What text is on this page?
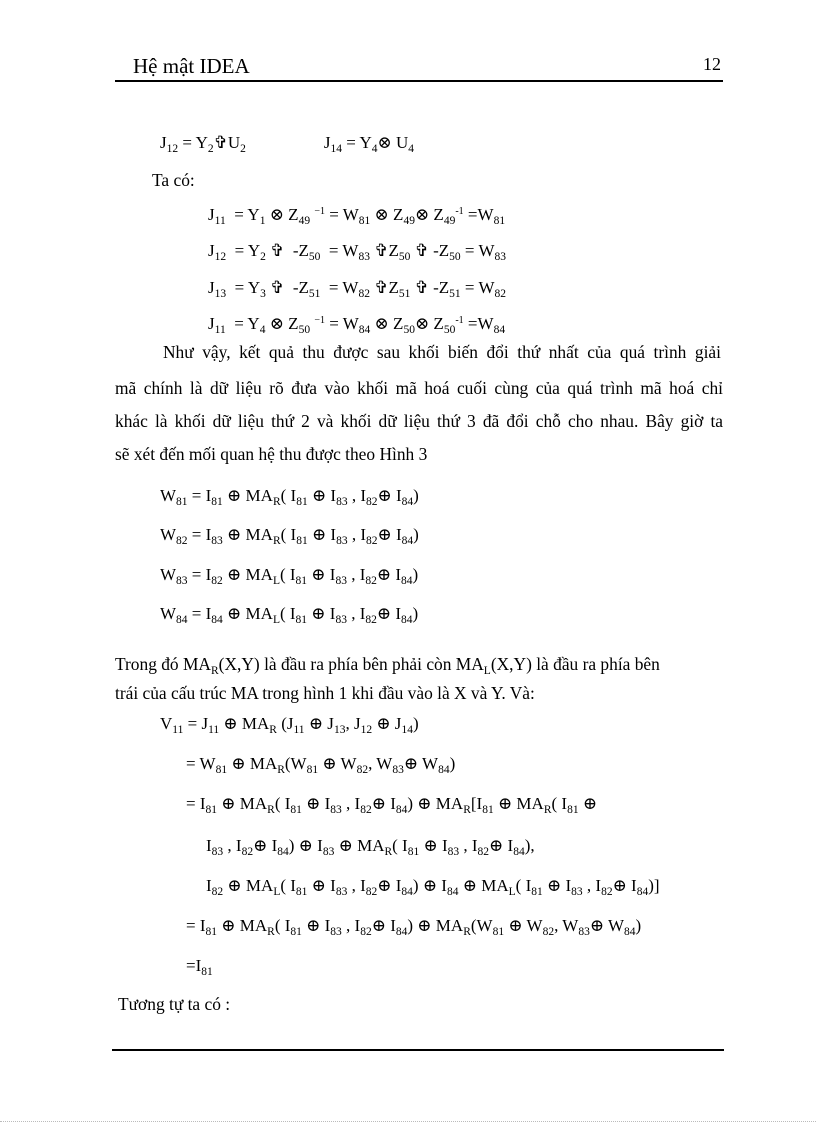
Hệ mật IDEA	12
$J_{12}$ = $Y_2✞U_2$	$J_{14}$ = $Y_4\otimes$ $U_4$
Ta có:
$J_{11} = Y_1$ ⊗ $Z_{49}$ $^{-1} = W_{81}$ ⊗ $Z_{49}\otimes$ $Z_{49}^{-1} =W_{81}$
$J_{12} = Y_2$ ✞  $-Z_{50} = W_{83}$ $✞Z_{50}$ ✞ $-Z_{50} = W_{83}$
$J_{13} = Y_3$ ✞  $-Z_{51} = W_{82}$ $✞Z_{51}$ ✞ $-Z_{51} = W_{82}$
$J_{11} = Y_4$ ⊗ $Z_{50}$ $^{-1} = W_{84}$ ⊗ $Z_{50}\otimes$ $Z_{50}^{-1} =W_{84}$
Như vậy, kết quả thu được sau khối biến đổi thứ nhất của quá trình giải
mã chính là dữ liệu rõ đưa vào khối mã hoá cuối cùng của quá trình mã hoá chỉ
khác là khối dữ liệu thứ 2 và khối dữ liệu thứ 3 đã đổi chỗ cho nhau. Bây giờ ta
sẽ xét đến mối quan hệ thu được theo Hình 3
$W_{81} = I_{81}$ ⊕ $MA_R$( $I_{81}$ ⊕ $I_{83}$ , $I_{82}\oplus$ $I_{84}$)
$W_{82} = I_{83}$ ⊕ $MA_R$( $I_{81}$ ⊕ $I_{83}$ , $I_{82}\oplus$ $I_{84}$)
$W_{83} = I_{82}$ ⊕ $MA_L$( $I_{81}$ ⊕ $I_{83}$ , $I_{82}\oplus$ $I_{84}$)
$W_{84} = I_{84}$ ⊕ $MA_L$( $I_{81}$ ⊕ $I_{83}$ , $I_{82}\oplus$ $I_{84}$)
Trong đó $MA_R(X,Y)$ là đầu ra phía bên phải còn $MA_L(X,Y)$ là đầu ra phía bên
trái của cấu trúc MA trong hình 1 khi đầu vào là X và Y. Và:
$V_{11} = J_{11}$ ⊕ $MA_R$ ($J_{11}$ ⊕ $J_{13}$, $J_{12}$ ⊕ $J_{14}$)
= $W_{81}$ ⊕ $MA_R(W_{81}$ ⊕ $W_{82}$, $W_{83}\oplus$ $W_{84}$)
= $I_{81}$ ⊕ $MA_R$( $I_{81}$ ⊕ $I_{83}$ , $I_{82}\oplus$ $I_{84}$) ⊕ $MA_R[I_{81}$ ⊕ $MA_R$( $I_{81}$ ⊕
$I_{83}$ , $I_{82}\oplus$ $I_{84}$) ⊕ $I_{83}$ ⊕ $MA_R$( $I_{81}$ ⊕ $I_{83}$ , $I_{82}\oplus$ $I_{84}$),
$I_{82}$ ⊕ $MA_L$( $I_{81}$ ⊕ $I_{83}$ , $I_{82}\oplus$ $I_{84}$) ⊕ $I_{84}$ ⊕ $MA_L$( $I_{81}$ ⊕ $I_{83}$ , $I_{82}\oplus$ $I_{84}$)]
= $I_{81}$ ⊕ $MA_R$( $I_{81}$ ⊕ $I_{83}$ , $I_{82}\oplus$ $I_{84}$) ⊕ $MA_R(W_{81}$ ⊕ $W_{82}$, $W_{83}\oplus$ $W_{84}$)
$=I_{81}$
Tương tự ta có :
